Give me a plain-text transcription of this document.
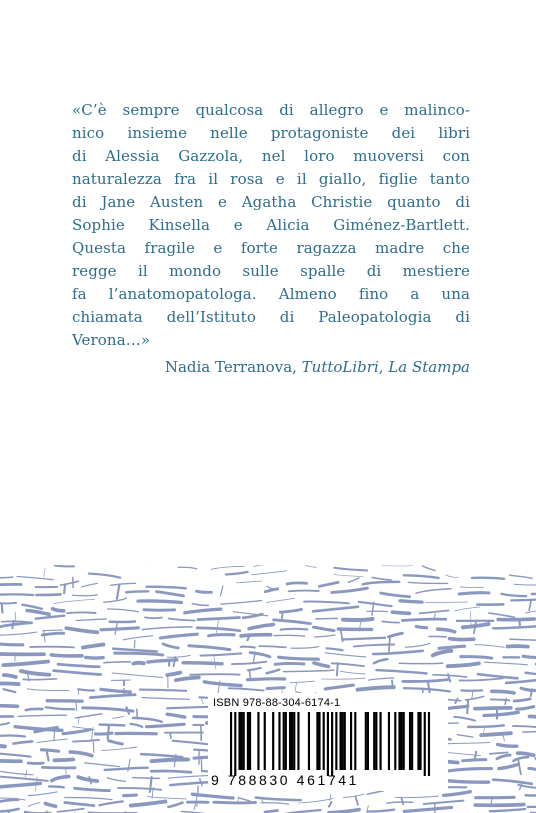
«C’è sempre qualcosa di allegro e malinco-
nico insieme nelle protagoniste dei libri
di Alessia Gazzola, nel loro muoversi con
naturalezza fra il rosa e il giallo, figlie tanto
di Jane Austen e Agatha Christie quanto di
Sophie Kinsella e Alicia Giménez-Bartlett.
Questa fragile e forte ragazza madre che
regge il mondo sulle spalle di mestiere
fa l’anatomopatologa. Almeno fino a una
chiamata dell’Istituto di Paleopatologia di
Verona…»
Nadia Terranova, TuttoLibri, La Stampa
ISBN 978-88-304-6174-1
9 788830 461741
